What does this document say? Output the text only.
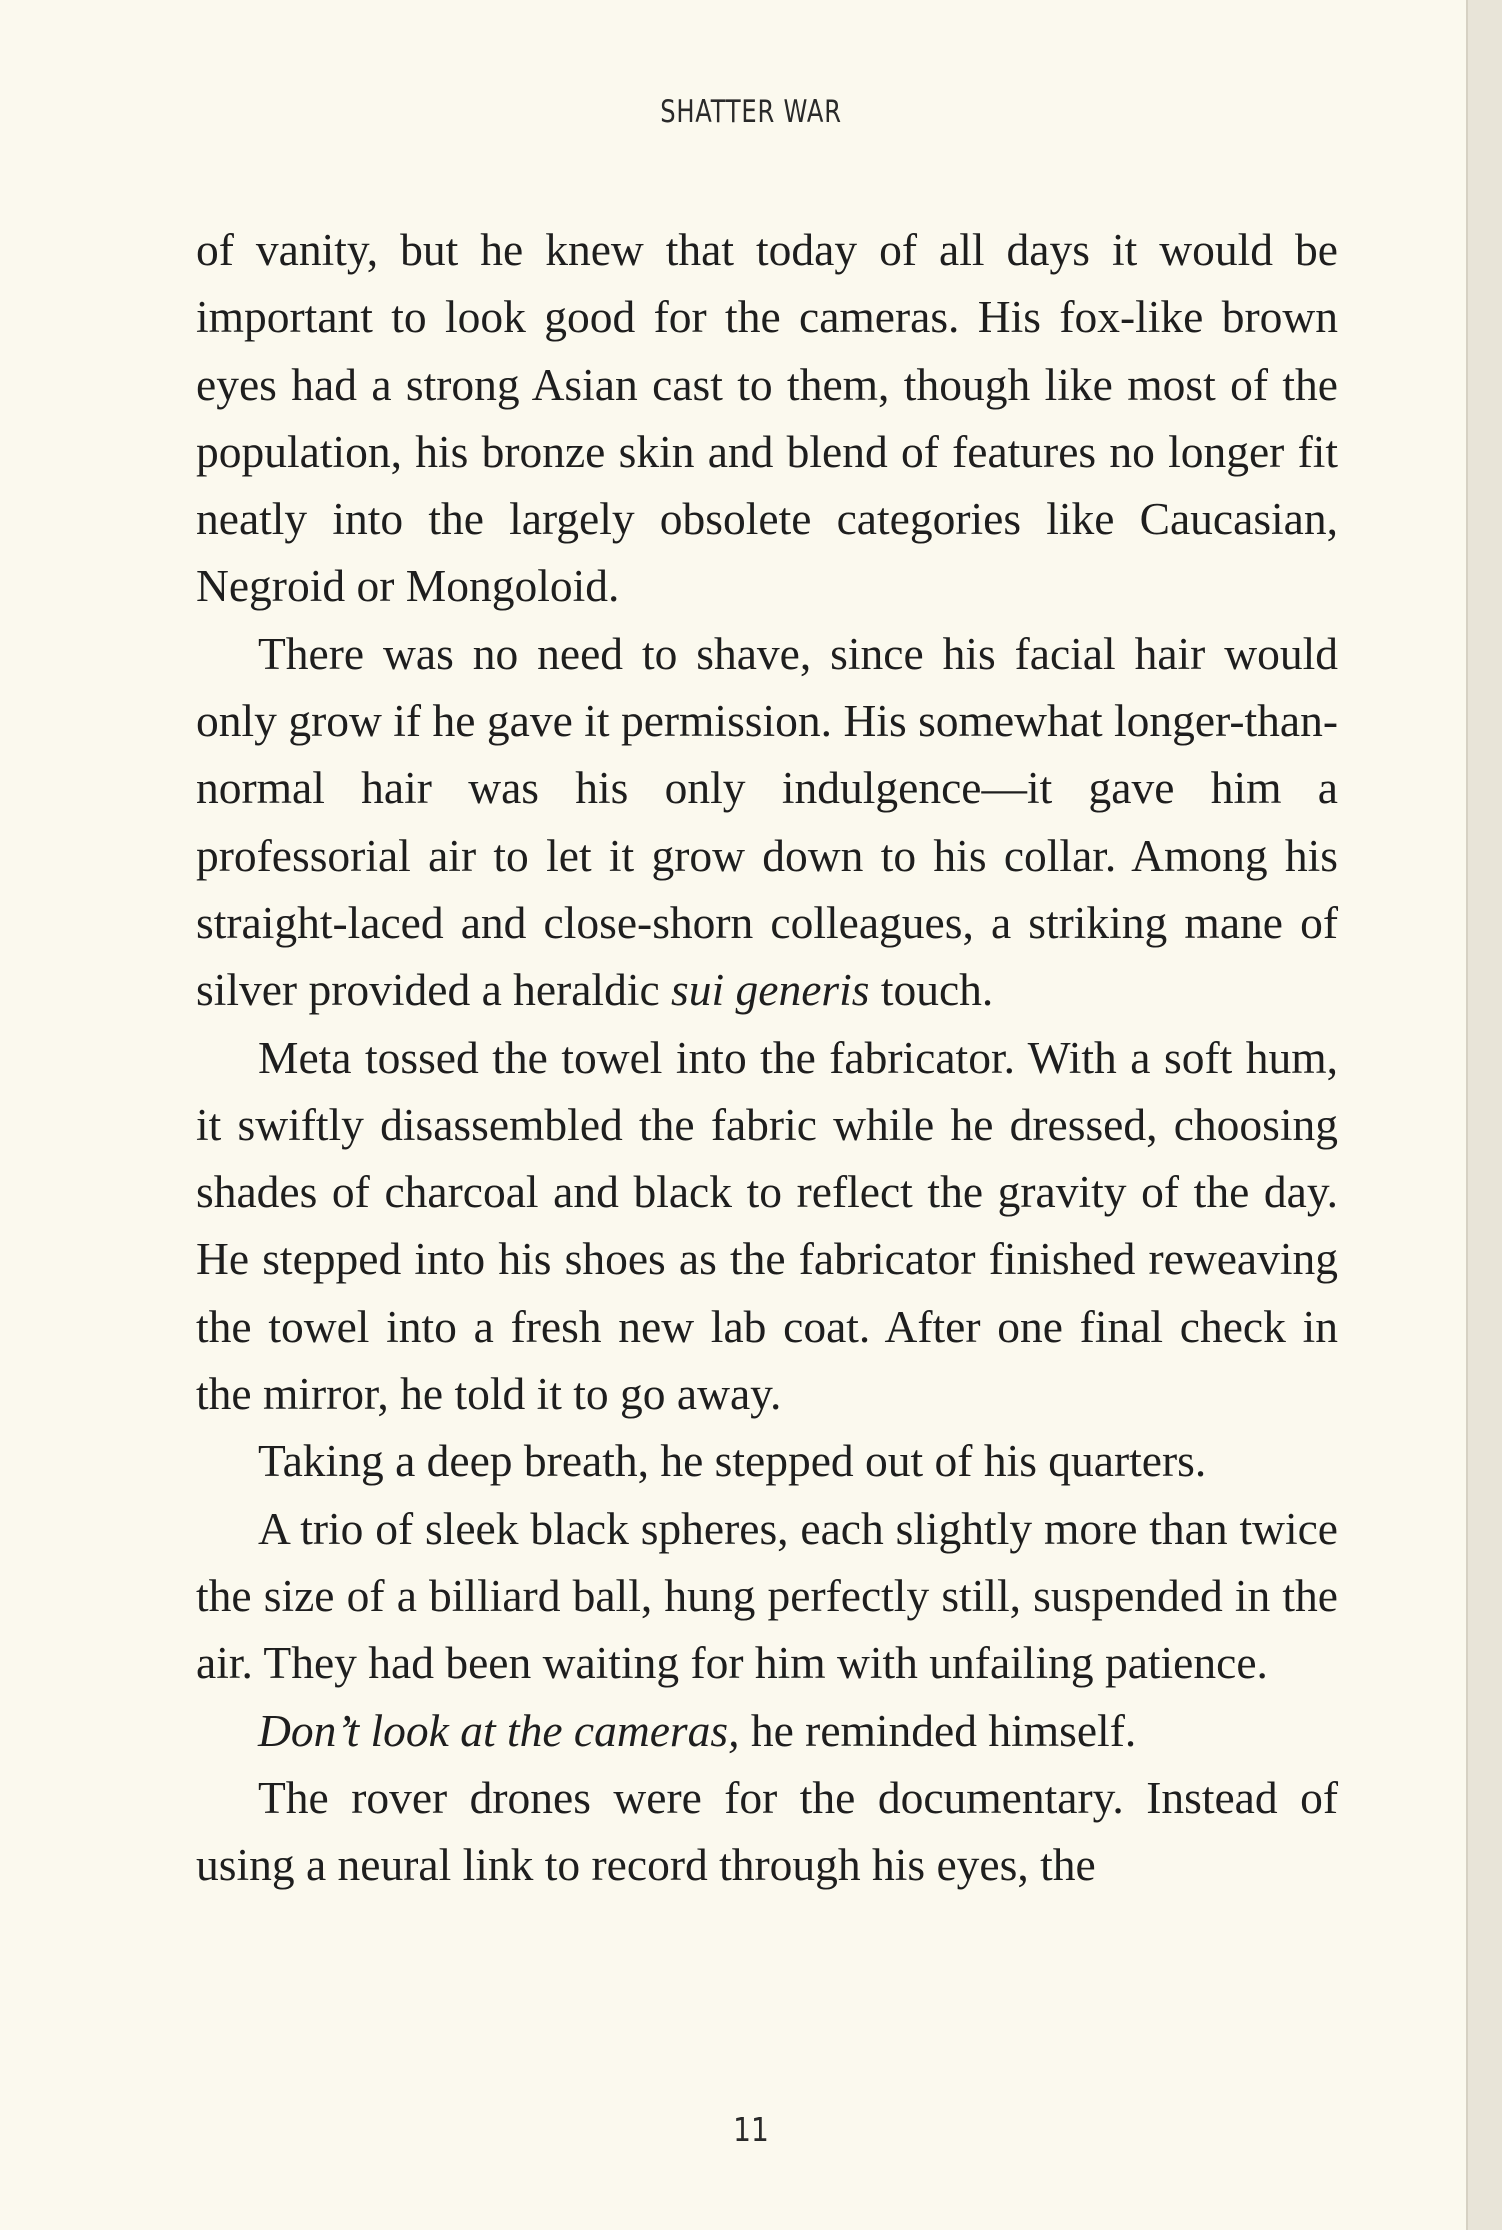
SHATTER WAR

of vanity, but he knew that today of all days it would be important to look good for the cameras. His fox-like brown eyes had a strong Asian cast to them, though like most of the population, his bronze skin and blend of features no longer fit neatly into the largely obsolete categories like Caucasian, Negroid or Mongoloid.

There was no need to shave, since his facial hair would only grow if he gave it permission. His somewhat longer-than-normal hair was his only indulgence—it gave him a professorial air to let it grow down to his collar. Among his straight-laced and close-shorn colleagues, a striking mane of silver provided a heraldic sui generis touch.

Meta tossed the towel into the fabricator. With a soft hum, it swiftly disassembled the fabric while he dressed, choosing shades of charcoal and black to reflect the gravity of the day. He stepped into his shoes as the fabricator finished reweaving the towel into a fresh new lab coat. After one final check in the mirror, he told it to go away.

Taking a deep breath, he stepped out of his quarters.

A trio of sleek black spheres, each slightly more than twice the size of a billiard ball, hung perfectly still, suspended in the air. They had been waiting for him with unfailing patience.

Don’t look at the cameras, he reminded himself.

The rover drones were for the documentary. Instead of using a neural link to record through his eyes, the

11
